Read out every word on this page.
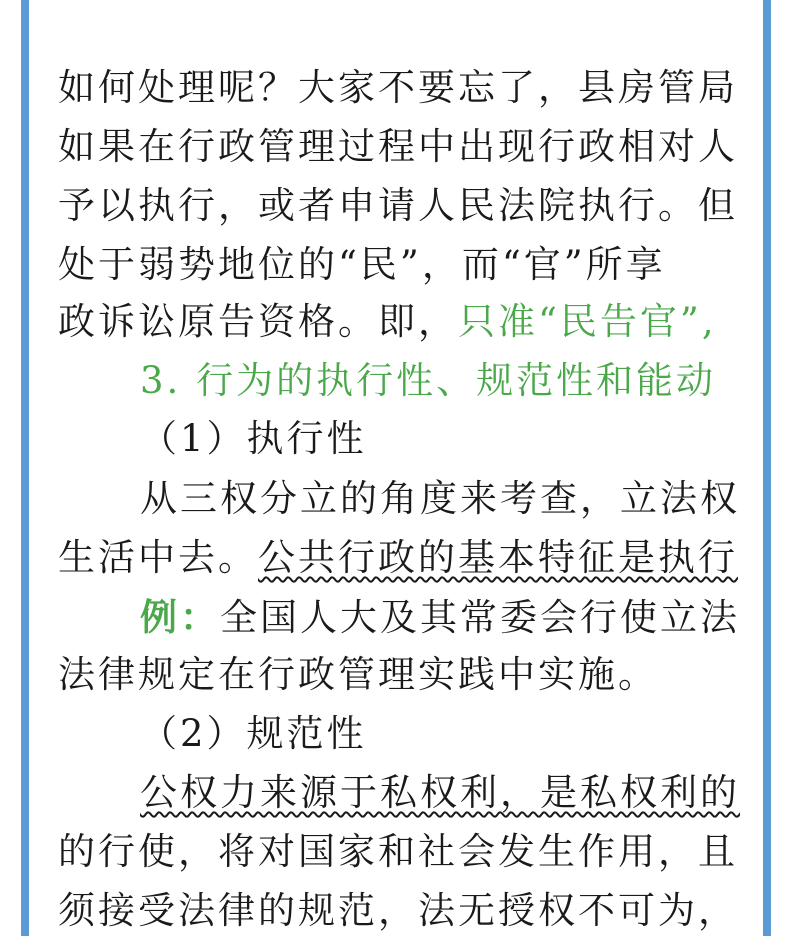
如何处理呢？大家不要忘了，县房管局
如果在行政管理过程中出现行政相对人
予以执行，或者申请人民法院执行。但
处于弱势地位的“民”，而“官”所享
政诉讼原告资格。即，只准“民告官”,
3. 行为的执行性、规范性和能动
（1）执行性
从三权分立的角度来考查，立法权
生活中去。公共行政的基本特征是执行
例：全国人大及其常委会行使立法
法律规定在行政管理实践中实施。
（2）规范性
公权力来源于私权利，是私权利的
的行使，将对国家和社会发生作用，且
须接受法律的规范，法无授权不可为，
